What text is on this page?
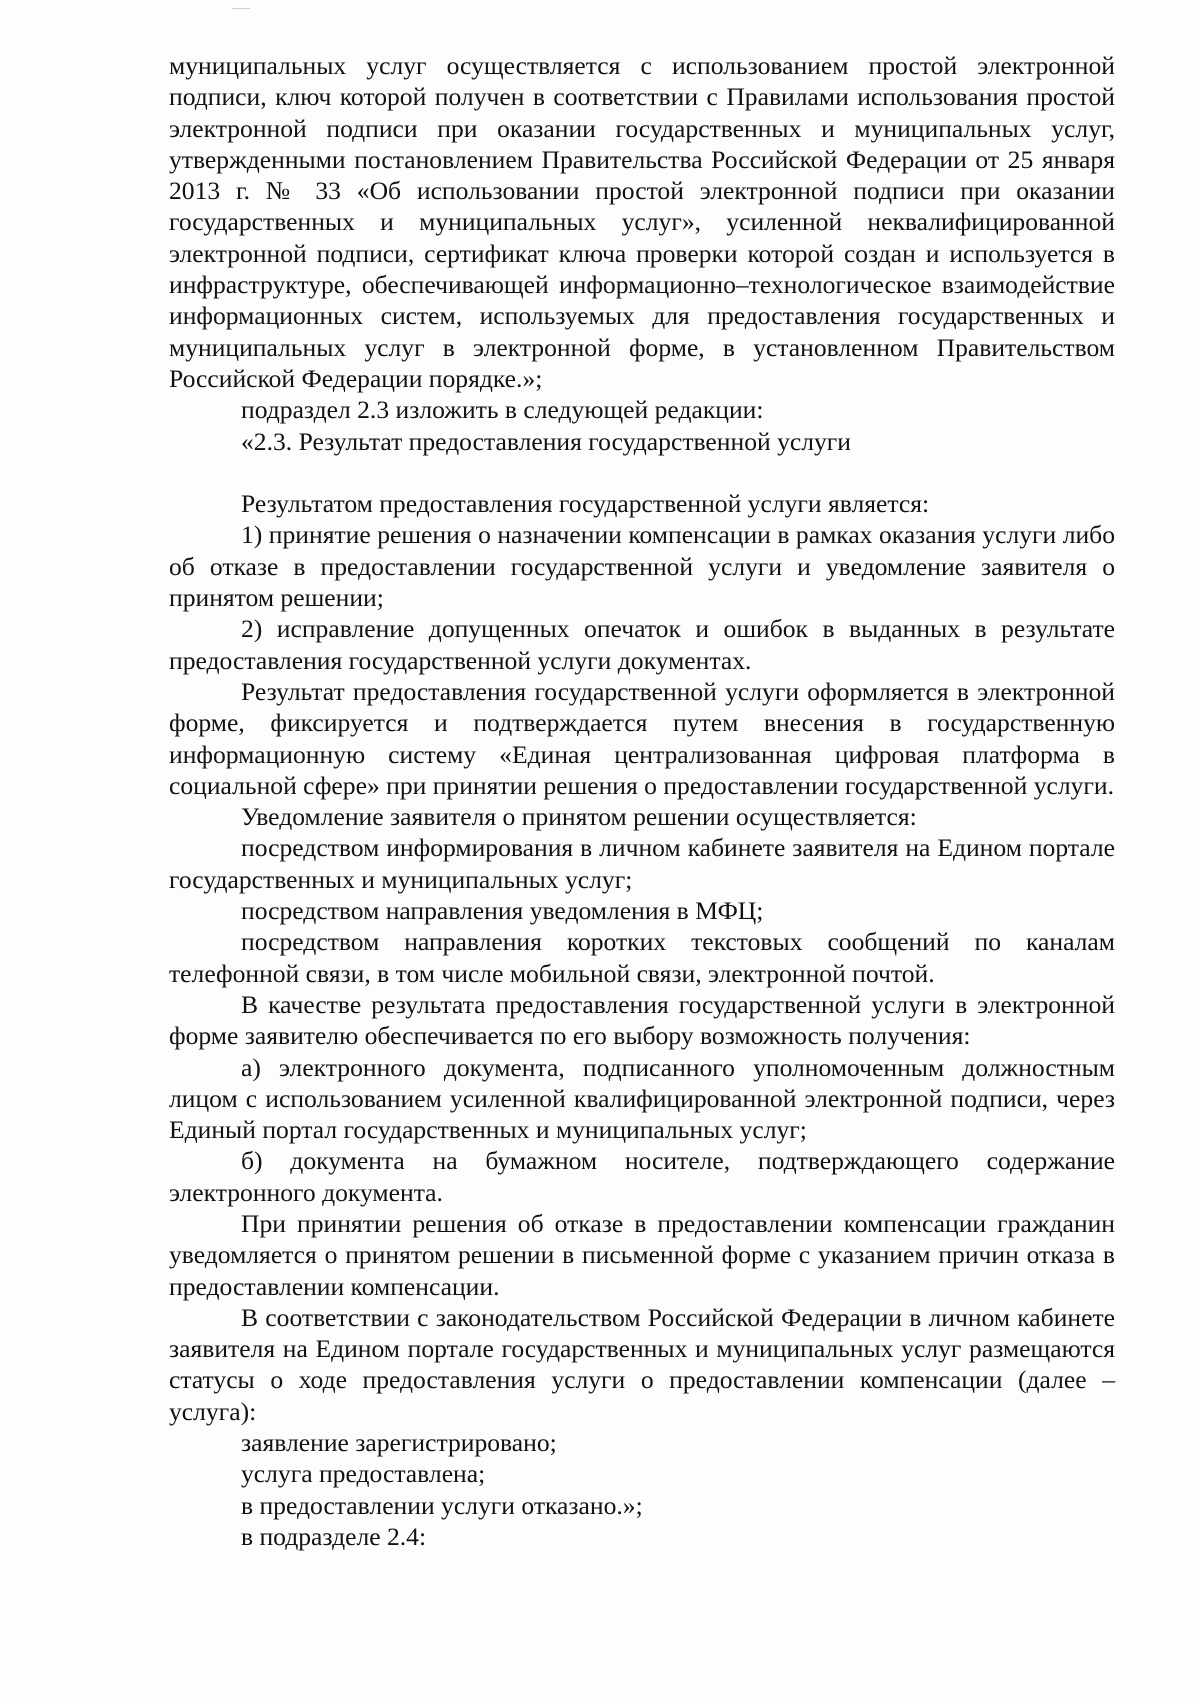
муниципальных услуг осуществляется с использованием простой электронной подписи, ключ которой получен в соответствии с Правилами использования простой электронной подписи при оказании государственных и муниципальных услуг, утвержденными постановлением Правительства Российской Федерации от 25 января 2013 г. № 33 «Об использовании простой электронной подписи при оказании государственных и муниципальных услуг», усиленной неквалифицированной электронной подписи, сертификат ключа проверки которой создан и используется в инфраструктуре, обеспечивающей информационно–технологическое взаимодействие информационных систем, используемых для предоставления государственных и муниципальных услуг в электронной форме, в установленном Правительством Российской Федерации порядке.»;

подраздел 2.3 изложить в следующей редакции:

«2.3. Результат предоставления государственной услуги

Результатом предоставления государственной услуги является:

1) принятие решения о назначении компенсации в рамках оказания услуги либо об отказе в предоставлении государственной услуги и уведомление заявителя о принятом решении;

2) исправление допущенных опечаток и ошибок в выданных в результате предоставления государственной услуги документах.

Результат предоставления государственной услуги оформляется в электронной форме, фиксируется и подтверждается путем внесения в государственную информационную систему «Единая централизованная цифровая платформа в социальной сфере» при принятии решения о предоставлении государственной услуги.

Уведомление заявителя о принятом решении осуществляется:

посредством информирования в личном кабинете заявителя на Едином портале государственных и муниципальных услуг;

посредством направления уведомления в МФЦ;

посредством направления коротких текстовых сообщений по каналам телефонной связи, в том числе мобильной связи, электронной почтой.

В качестве результата предоставления государственной услуги в электронной форме заявителю обеспечивается по его выбору возможность получения:

а) электронного документа, подписанного уполномоченным должностным лицом с использованием усиленной квалифицированной электронной подписи, через Единый портал государственных и муниципальных услуг;

б) документа на бумажном носителе, подтверждающего содержание электронного документа.

При принятии решения об отказе в предоставлении компенсации гражданин уведомляется о принятом решении в письменной форме с указанием причин отказа в предоставлении компенсации.

В соответствии с законодательством Российской Федерации в личном кабинете заявителя на Едином портале государственных и муниципальных услуг размещаются статусы о ходе предоставления услуги о предоставлении компенсации (далее – услуга):

заявление зарегистрировано;

услуга предоставлена;

в предоставлении услуги отказано.»;

в подразделе 2.4:
